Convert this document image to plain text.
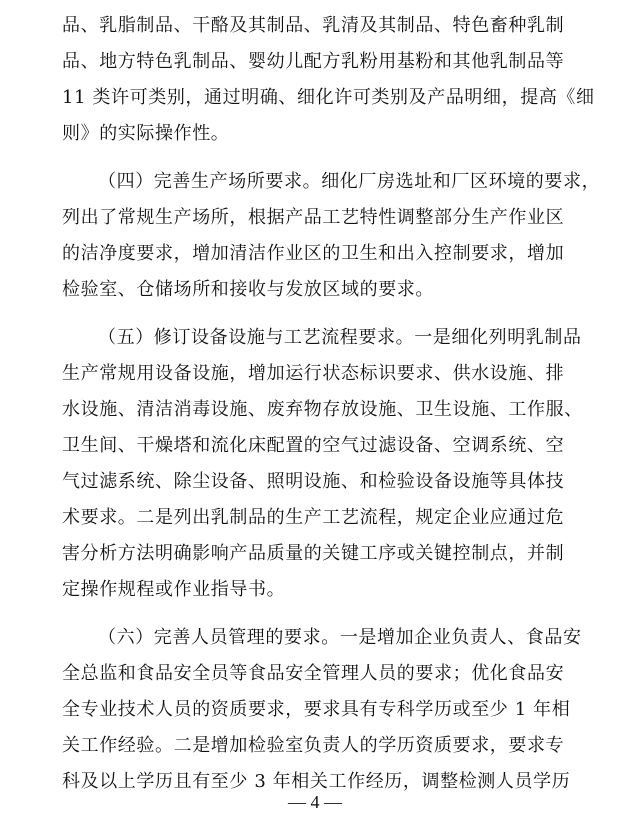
品、乳脂制品、干酪及其制品、乳清及其制品、特色畜种乳制
品、地方特色乳制品、婴幼儿配方乳粉用基粉和其他乳制品等
11 类许可类别，通过明确、细化许可类别及产品明细，提高《细
则》的实际操作性。
（四）完善生产场所要求。细化厂房选址和厂区环境的要求，
列出了常规生产场所，根据产品工艺特性调整部分生产作业区
的洁净度要求，增加清洁作业区的卫生和出入控制要求，增加
检验室、仓储场所和接收与发放区域的要求。
（五）修订设备设施与工艺流程要求。一是细化列明乳制品
生产常规用设备设施，增加运行状态标识要求、供水设施、排
水设施、清洁消毒设施、废弃物存放设施、卫生设施、工作服、
卫生间、干燥塔和流化床配置的空气过滤设备、空调系统、空
气过滤系统、除尘设备、照明设施、和检验设备设施等具体技
术要求。二是列出乳制品的生产工艺流程，规定企业应通过危
害分析方法明确影响产品质量的关键工序或关键控制点，并制
定操作规程或作业指导书。
（六）完善人员管理的要求。一是增加企业负责人、食品安
全总监和食品安全员等食品安全管理人员的要求；优化食品安
全专业技术人员的资质要求，要求具有专科学历或至少 1 年相
关工作经验。二是增加检验室负责人的学历资质要求，要求专
科及以上学历且有至少 3 年相关工作经历，调整检测人员学历
— 4 —
